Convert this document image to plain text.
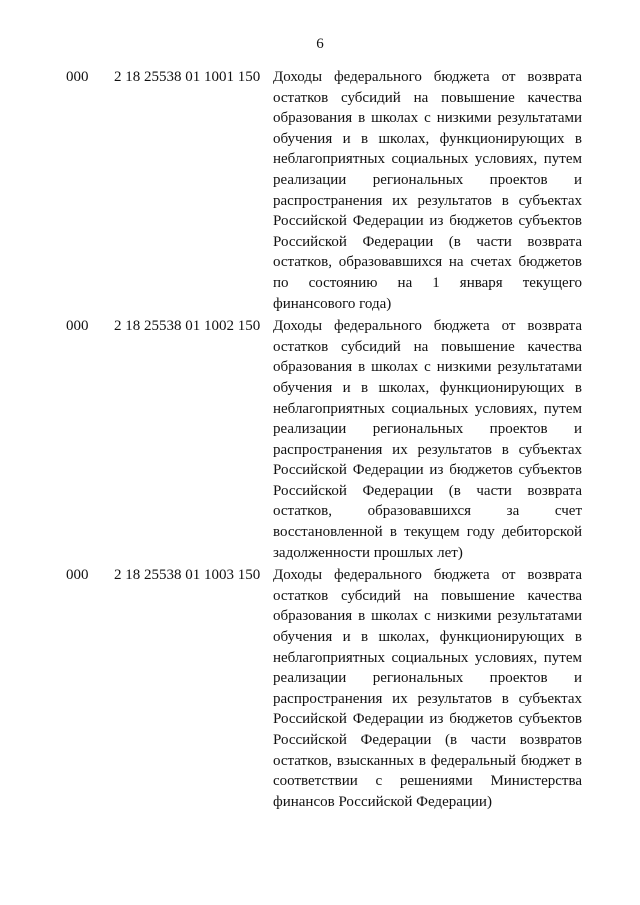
6
000 2 18 25538 01 1001 150 Доходы федерального бюджета от возврата остатков субсидий на повышение качества образования в школах с низкими результатами обучения и в школах, функционирующих в неблагоприятных социальных условиях, путем реализации региональных проектов и распространения их результатов в субъектах Российской Федерации из бюджетов субъектов Российской Федерации (в части возврата остатков, образовавшихся на счетах бюджетов по состоянию на 1 января текущего финансового года)
000 2 18 25538 01 1002 150 Доходы федерального бюджета от возврата остатков субсидий на повышение качества образования в школах с низкими результатами обучения и в школах, функционирующих в неблагоприятных социальных условиях, путем реализации региональных проектов и распространения их результатов в субъектах Российской Федерации из бюджетов субъектов Российской Федерации (в части возврата остатков, образовавшихся за счет восстановленной в текущем году дебиторской задолженности прошлых лет)
000 2 18 25538 01 1003 150 Доходы федерального бюджета от возврата остатков субсидий на повышение качества образования в школах с низкими результатами обучения и в школах, функционирующих в неблагоприятных социальных условиях, путем реализации региональных проектов и распространения их результатов в субъектах Российской Федерации из бюджетов субъектов Российской Федерации (в части возвратов остатков, взысканных в федеральный бюджет в соответствии с решениями Министерства финансов Российской Федерации)
